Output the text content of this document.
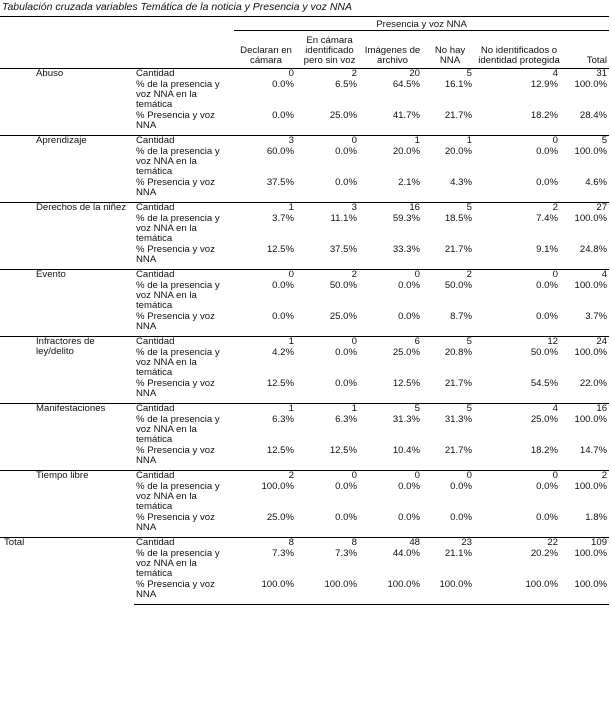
Tabulación cruzada variables Temática de la noticia y Presencia y voz NNA
			Presencia y voz NNA					
			Declaran en cámara	En cámara identificado pero sin voz	Imágenes de archivo	No hay NNA	No identificados o identidad protegida	Total
	Abuso	Cantidad	0	2	20	5	4	31
		% de la presencia y voz NNA en la temática	0.0%	6.5%	64.5%	16.1%	12.9%	100.0%
		% Presencia y voz NNA	0.0%	25.0%	41.7%	21.7%	18.2%	28.4%
	Aprendizaje	Cantidad	3	0	1	1	0	5
		% de la presencia y voz NNA en la temática	60.0%	0.0%	20.0%	20.0%	0.0%	100.0%
		% Presencia y voz NNA	37.5%	0.0%	2.1%	4.3%	0.0%	4.6%
	Derechos de la niñez	Cantidad	1	3	16	5	2	27
		% de la presencia y voz NNA en la temática	3.7%	11.1%	59.3%	18.5%	7.4%	100.0%
		% Presencia y voz NNA	12.5%	37.5%	33.3%	21.7%	9.1%	24.8%
	Evento	Cantidad	0	2	0	2	0	4
		% de la presencia y voz NNA en la temática	0.0%	50.0%	0.0%	50.0%	0.0%	100.0%
		% Presencia y voz NNA	0.0%	25.0%	0.0%	8.7%	0.0%	3.7%
	Infractores de ley/delito	Cantidad	1	0	6	5	12	24
		% de la presencia y voz NNA en la temática	4.2%	0.0%	25.0%	20.8%	50.0%	100.0%
		% Presencia y voz NNA	12.5%	0.0%	12.5%	21.7%	54.5%	22.0%
	Manifestaciones	Cantidad	1	1	5	5	4	16
		% de la presencia y voz NNA en la temática	6.3%	6.3%	31.3%	31.3%	25.0%	100.0%
		% Presencia y voz NNA	12.5%	12.5%	10.4%	21.7%	18.2%	14.7%
	Tiempo libre	Cantidad	2	0	0	0	0	2
		% de la presencia y voz NNA en la temática	100.0%	0.0%	0.0%	0.0%	0.0%	100.0%
		% Presencia y voz NNA	25.0%	0.0%	0.0%	0.0%	0.0%	1.8%
Total		Cantidad	8	8	48	23	22	109
		% de la presencia y voz NNA en la temática	7.3%	7.3%	44.0%	21.1%	20.2%	100.0%
		% Presencia y voz NNA	100.0%	100.0%	100.0%	100.0%	100.0%	100.0%
